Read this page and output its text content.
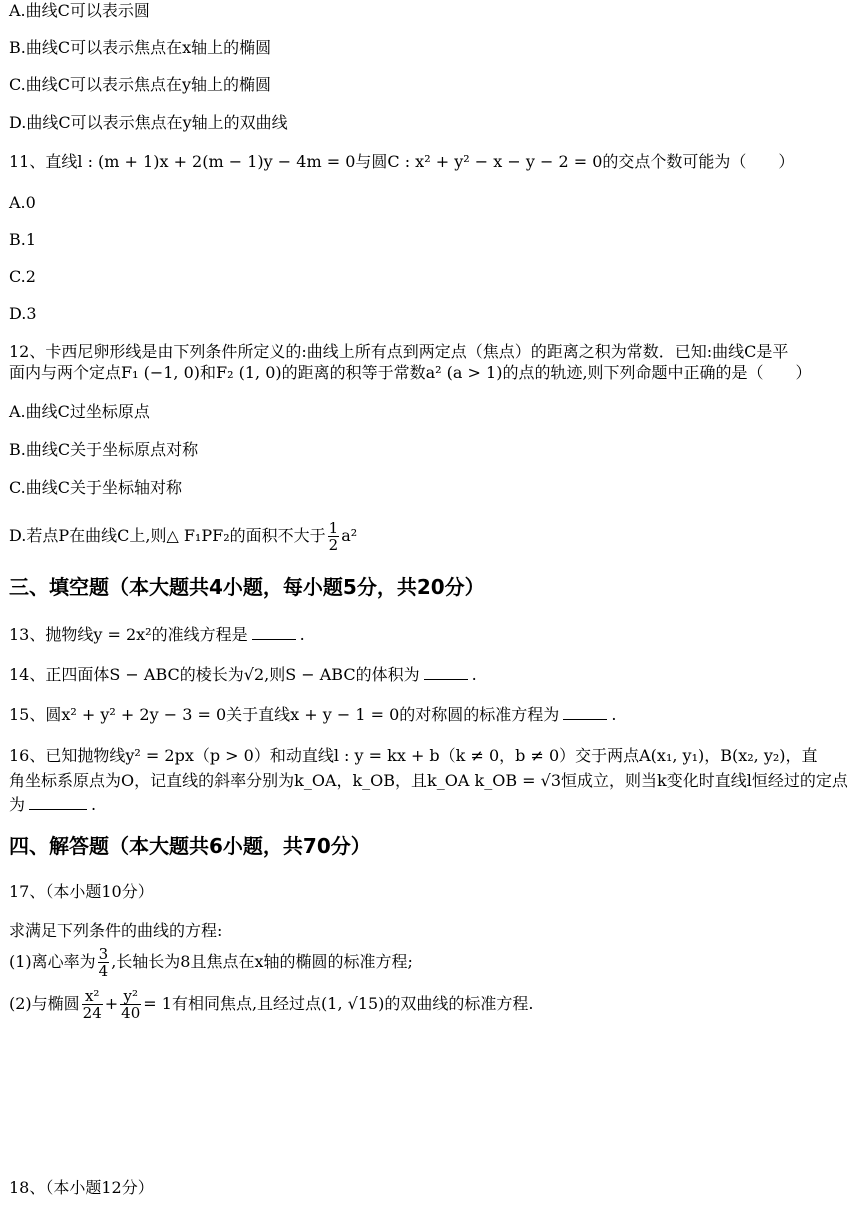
A.曲线C可以表示圆
B.曲线C可以表示焦点在x轴上的椭圆
C.曲线C可以表示焦点在y轴上的椭圆
D.曲线C可以表示焦点在y轴上的双曲线
11、直线l : (m + 1)x + 2(m − 1)y − 4m = 0与圆C : x² + y² − x − y − 2 = 0的交点个数可能为（　　）
A.0
B.1
C.2
D.3
12、卡西尼卵形线是由下列条件所定义的:曲线上所有点到两定点（焦点）的距离之积为常数．已知:曲线C是平
面内与两个定点F₁ (−1, 0)和F₂ (1, 0)的距离的积等于常数a² (a > 1)的点的轨迹,则下列命题中正确的是（　　）
A.曲线C过坐标原点
B.曲线C关于坐标原点对称
C.曲线C关于坐标轴对称
D.若点P在曲线C上,则△ F₁PF₂的面积不大于 $\frac{1}{2} a^2$
三、填空题（本大题共4小题，每小题5分，共20分）
13、抛物线y = 2x²的准线方程是	.
14、正四面体S − ABC的棱长为√2,则S − ABC的体积为	.
15、圆x² + y² + 2y − 3 = 0关于直线x + y − 1 = 0的对称圆的标准方程为	.
16、已知抛物线y² = 2px（p > 0）和动直线l : y = kx + b（k ≠ 0，b ≠ 0）交于两点A(x₁, y₁)，B(x₂, y₂)，直
角坐标系原点为O，记直线的斜率分别为k_OA，k_OB，且k_OA k_OB = √3恒成立，则当k变化时直线l恒经过的定点
为	.
四、解答题（本大题共6小题，共70分）
17、（本小题10分）
求满足下列条件的曲线的方程:
(1)离心率为 $\frac{3}{4}$ ,长轴长为8且焦点在x轴的椭圆的标准方程;
(2)与椭圆 $\frac{\text{x²}}{24} + \frac{\text{y²}}{40} = 1$有相同焦点,且经过点(1, √15)的双曲线的标准方程.
18、（本小题12分）
